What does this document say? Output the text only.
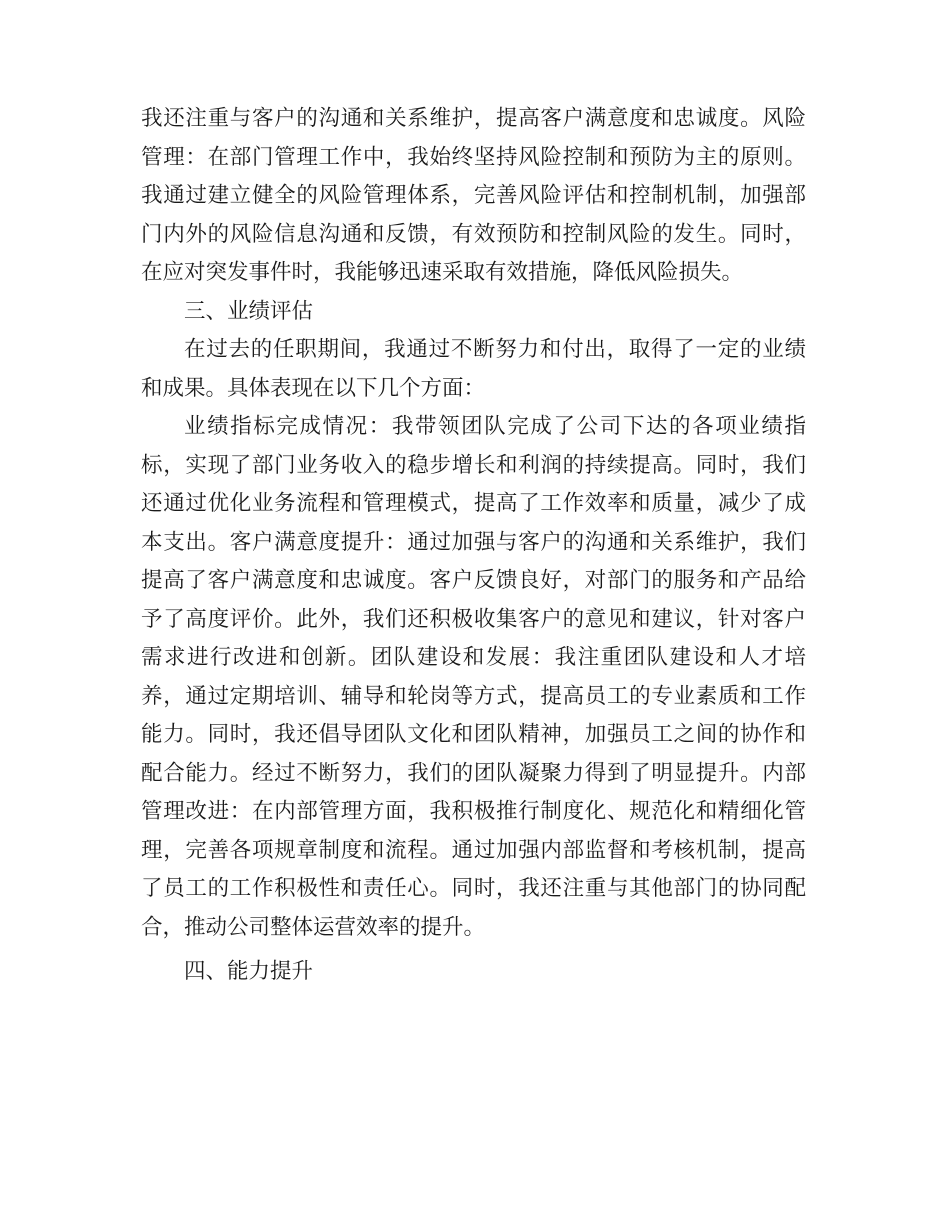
我还注重与客户的沟通和关系维护，提高客户满意度和忠诚度。风险管理：在部门管理工作中，我始终坚持风险控制和预防为主的原则。我通过建立健全的风险管理体系，完善风险评估和控制机制，加强部门内外的风险信息沟通和反馈，有效预防和控制风险的发生。同时，在应对突发事件时，我能够迅速采取有效措施，降低风险损失。

三、业绩评估

在过去的任职期间，我通过不断努力和付出，取得了一定的业绩和成果。具体表现在以下几个方面：

业绩指标完成情况：我带领团队完成了公司下达的各项业绩指标，实现了部门业务收入的稳步增长和利润的持续提高。同时，我们还通过优化业务流程和管理模式，提高了工作效率和质量，减少了成本支出。客户满意度提升：通过加强与客户的沟通和关系维护，我们提高了客户满意度和忠诚度。客户反馈良好，对部门的服务和产品给予了高度评价。此外，我们还积极收集客户的意见和建议，针对客户需求进行改进和创新。团队建设和发展：我注重团队建设和人才培养，通过定期培训、辅导和轮岗等方式，提高员工的专业素质和工作能力。同时，我还倡导团队文化和团队精神，加强员工之间的协作和配合能力。经过不断努力，我们的团队凝聚力得到了明显提升。内部管理改进：在内部管理方面，我积极推行制度化、规范化和精细化管理，完善各项规章制度和流程。通过加强内部监督和考核机制，提高了员工的工作积极性和责任心。同时，我还注重与其他部门的协同配合，推动公司整体运营效率的提升。

四、能力提升
